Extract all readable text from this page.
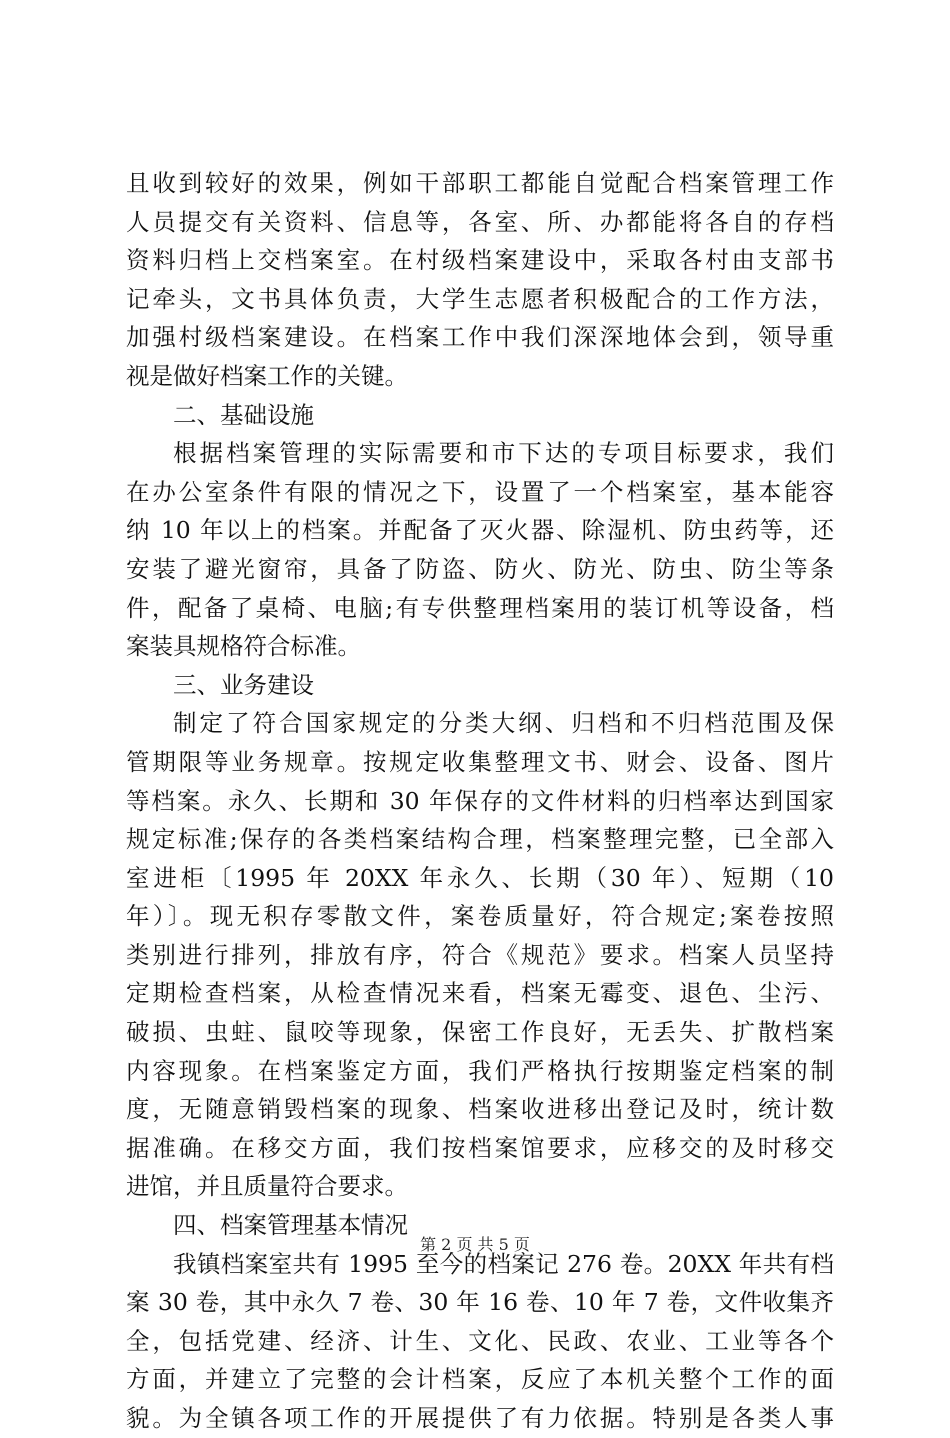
且收到较好的效果，例如干部职工都能自觉配合档案管理工作
人员提交有关资料、信息等，各室、所、办都能将各自的存档
资料归档上交档案室。在村级档案建设中，采取各村由支部书
记牵头，文书具体负责，大学生志愿者积极配合的工作方法，
加强村级档案建设。在档案工作中我们深深地体会到，领导重
视是做好档案工作的关键。
二、基础设施
根据档案管理的实际需要和市下达的专项目标要求，我们
在办公室条件有限的情况之下，设置了一个档案室，基本能容
纳 10 年以上的档案。并配备了灭火器、除湿机、防虫药等，还
安装了避光窗帘，具备了防盗、防火、防光、防虫、防尘等条
件，配备了桌椅、电脑;有专供整理档案用的装订机等设备，档
案装具规格符合标准。
三、业务建设
制定了符合国家规定的分类大纲、归档和不归档范围及保
管期限等业务规章。按规定收集整理文书、财会、设备、图片
等档案。永久、长期和 30 年保存的文件材料的归档率达到国家
规定标准;保存的各类档案结构合理，档案整理完整，已全部入
室进柜〔1995 年 20XX 年永久、长期（30 年）、短期（10
年）〕。现无积存零散文件，案卷质量好，符合规定;案卷按照
类别进行排列，排放有序，符合《规范》要求。档案人员坚持
定期检查档案，从检查情况来看，档案无霉变、退色、尘污、
破损、虫蛀、鼠咬等现象，保密工作良好，无丢失、扩散档案
内容现象。在档案鉴定方面，我们严格执行按期鉴定档案的制
度，无随意销毁档案的现象、档案收进移出登记及时，统计数
据准确。在移交方面，我们按档案馆要求，应移交的及时移交
进馆，并且质量符合要求。
四、档案管理基本情况
我镇档案室共有 1995 至今的档案记 276 卷。20XX 年共有档
案 30 卷，其中永久 7 卷、30 年 16 卷、10 年 7 卷，文件收集齐
全，包括党建、经济、计生、文化、民政、农业、工业等各个
方面，并建立了完整的会计档案，反应了本机关整个工作的面
貌。为全镇各项工作的开展提供了有力依据。特别是各类人事
第 2 页 共 5 页
